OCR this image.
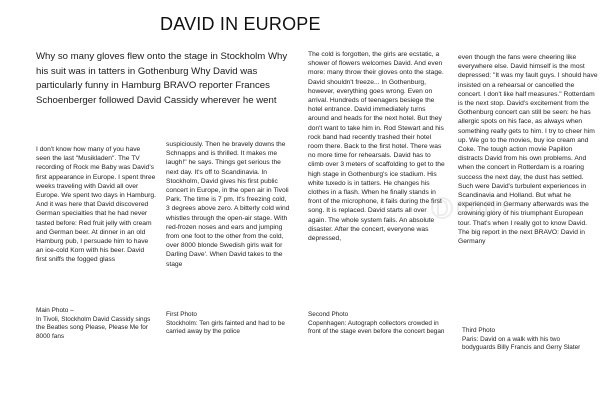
DAVID IN EUROPE
Why so many gloves flew onto the stage in Stockholm Why his suit was in tatters in Gothenburg Why David was particularly funny in Hamburg BRAVO reporter Frances Schoenberger followed David Cassidy wherever he went

I don't know how many of you have seen the last "Musikladen". The TV recording of Rock me Baby was David's first appearance in Europe. I spent three weeks traveling with David all over Europe. We spent two days in Hamburg. And it was here that David discovered German specialties that he had never tasted before: Red fruit jelly with cream and German beer. At dinner in an old Hamburg pub, I persuade him to have an ice-cold Korn with his beer. David first sniffs the fogged glass

suspiciously. Then he bravely downs the Schnapps and is thrilled. It makes me laugh!" he says. Things get serious the next day. It's off to Scandinavia. In Stockholm, David gives his first public concert in Europe, in the open air in Tivoli Park. The time is 7 pm. It's freezing cold, 3 degrees above zero. A bitterly cold wind whistles through the open-air stage. With red-frozen noses and ears and jumping from one foot to the other from the cold, over 8000 blonde Swedish girls wait for Darling Dave'. When David takes to the stage

The cold is forgotten, the girls are ecstatic, a shower of flowers welcomes David. And even more: many throw their gloves onto the stage. David shouldn't freeze... In Gothenburg, however, everything goes wrong. Even on arrival. Hundreds of teenagers besiege the hotel entrance. David immediately turns around and heads for the next hotel. But they don't want to take him in. Rod Stewart and his rock band had recently trashed their hotel room there. Back to the first hotel. There was no more time for rehearsals. David has to climb over 3 meters of scaffolding to get to the high stage in Gothenburg's ice stadium. His white tuxedo is in tatters. He changes his clothes in a flash. When he finally stands in front of the microphone, it fails during the first song. It is replaced. David starts all over again. The whole system fails. An absolute disaster. After the concert, everyone was depressed,

even though the fans were cheering like everywhere else. David himself is the most depressed: "It was my fault guys. I should have insisted on a rehearsal or cancelled the concert. I don't like half measures." Rotterdam is the next stop. David's excitement from the Gothenburg concert can still be seen: he has allergic spots on his face, as always when something really gets to him. I try to cheer him up. We go to the movies, buy ice cream and Coke. The tough action movie Papillon distracts David from his own problems. And when the concert in Rotterdam is a roaring success the next day, the dust has settled. Such were David's turbulent experiences in Scandinavia and Holland. But what he experienced in Germany afterwards was the crowning glory of his triumphant European tour. That's when I really got to know David. The big report in the next BRAVO: David in Germany

Main Photo –
In Tivoli, Stockholm David Cassidy sings the Beatles song Please, Please Me for 8000 fans
First Photo
Stockholm: Ten girls fainted and had to be carried away by the police
Second Photo
Copenhagen: Autograph collectors crowded in front of the stage even before the concert began	Third Photo
Paris: David on a walk with his two bodyguards Billy Francis and Gerry Slater
